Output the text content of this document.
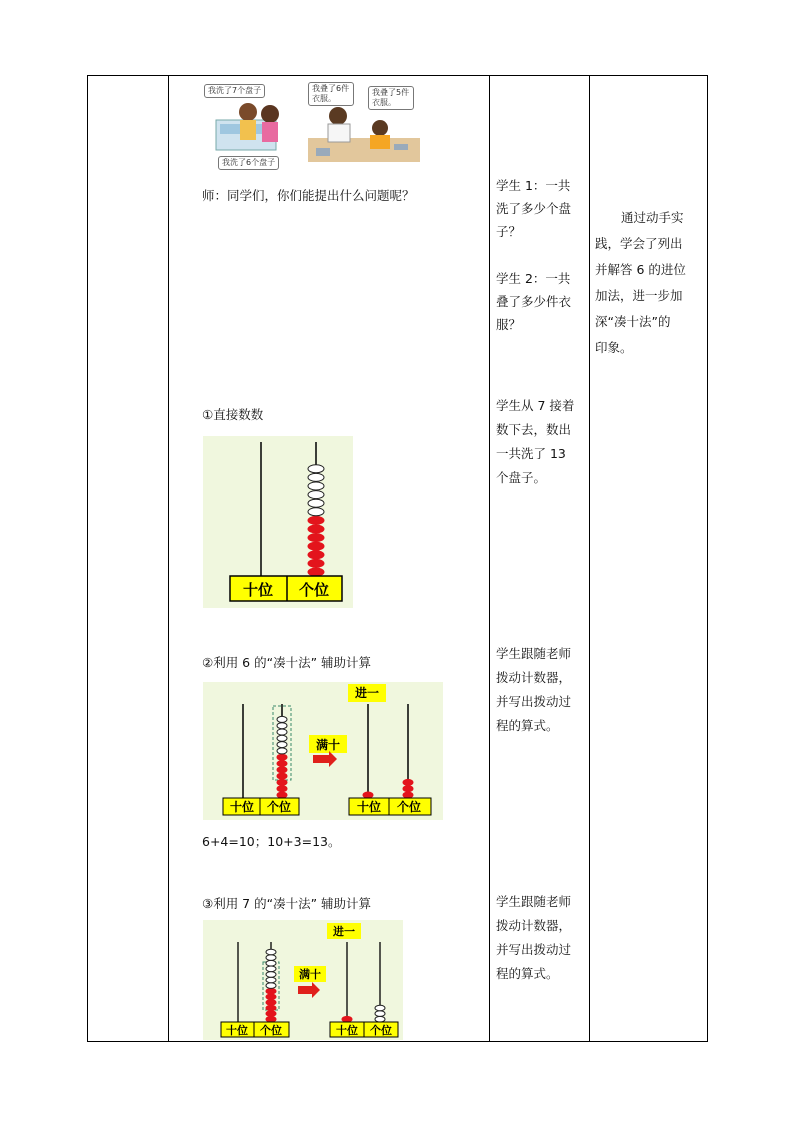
我洗了7个盘子	我叠了6件衣服。
我叠了5件衣服。
我洗了6个盘子
师：同学们，你们能提出什么问题呢？
学生 1：一共
洗了多少个盘
子？
学生 2：一共
叠了多少件衣
服？
通过动手实
践，学会了列出
并解答 6 的进位
加法，进一步加
深“凑十法”的
印象。
①直接数数
学生从 7 接着
数下去，数出
一共洗了 13
个盘子。
十位 个位
②利用 6 的“凑十法” 辅助计算
学生跟随老师
拨动计数器，
并写出拨动过
程的算式。
十位 个位
满十
进一
十位 个位
6+4=10；10+3=13。
③利用 7 的“凑十法” 辅助计算	学生跟随老师
拨动计数器，
并写出拨动过
程的算式。
十位 个位
满十
进一
十位 个位
